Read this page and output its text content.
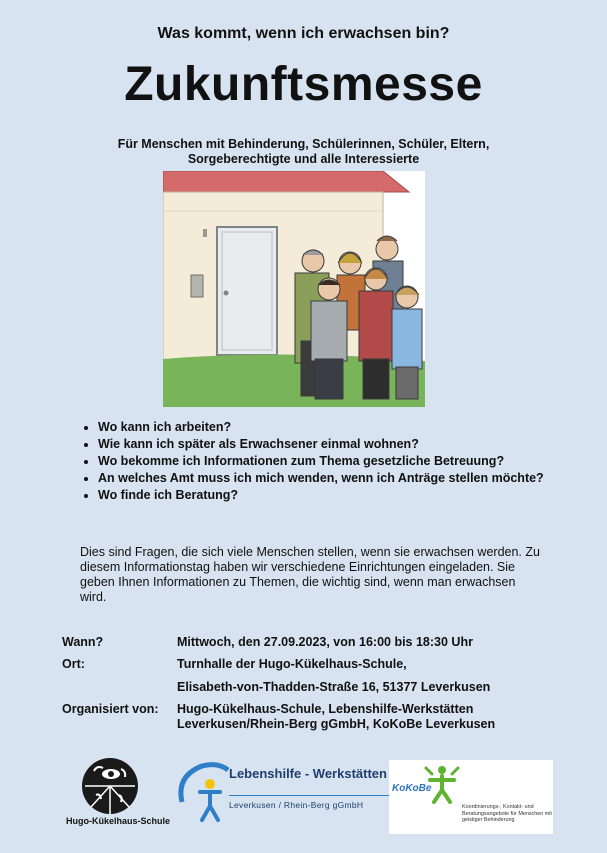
Was kommt, wenn ich erwachsen bin?
Zukunftsmesse
Für Menschen mit Behinderung, Schülerinnen, Schüler, Eltern,
Sorgeberechtigte und alle Interessierte
• Wo kann ich arbeiten?
• Wie kann ich später als Erwachsener einmal wohnen?
• Wo bekomme ich Informationen zum Thema gesetzliche Betreuung?
• An welches Amt muss ich mich wenden, wenn ich Anträge stellen möchte?
• Wo finde ich Beratung?
Dies sind Fragen, die sich viele Menschen stellen, wenn sie erwachsen werden. Zu diesem Informationstag haben wir verschiedene Einrichtungen eingeladen. Sie geben Ihnen Informationen zu Themen, die wichtig sind, wenn man erwachsen wird.
Wann?	Mittwoch, den 27.09.2023, von 16:00 bis 18:30 Uhr
Ort:	Turnhalle der Hugo-Kükelhaus-Schule,
Elisabeth-von-Thadden-Straße 16, 51377 Leverkusen
Organisiert von: Hugo-Kükelhaus-Schule, Lebenshilfe-Werkstätten Leverkusen/Rhein-Berg gGmbH, KoKoBe Leverkusen
Hugo-Kükelhaus-Schule
Lebenshilfe - Werkstätten
Leverkusen / Rhein-Berg gGmbH
KoKoBe
Koordinierungs-, Kontakt- und Beratungsangebote für Menschen mit geistiger Behinderung
